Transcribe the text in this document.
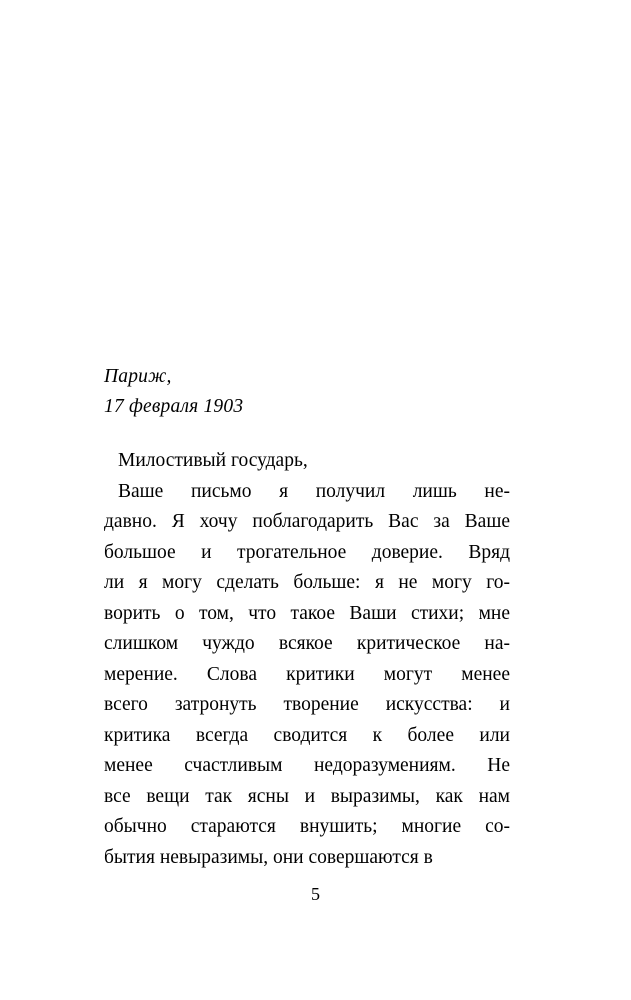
Париж,
17 февраля 1903
Милостивый государь,
Ваше письмо я получил лишь не-
давно. Я хочу поблагодарить Вас за Ваше
большое и трогательное доверие. Вряд
ли я могу сделать больше: я не могу го-
ворить о том, что такое Ваши стихи; мне
слишком чуждо всякое критическое на-
мерение. Слова критики могут менее
всего затронуть творение искусства: и
критика всегда сводится к более или
менее счастливым недоразумениям. Не
все вещи так ясны и выразимы, как нам
обычно стараются внушить; многие со-
бытия невыразимы, они совершаются в
5
